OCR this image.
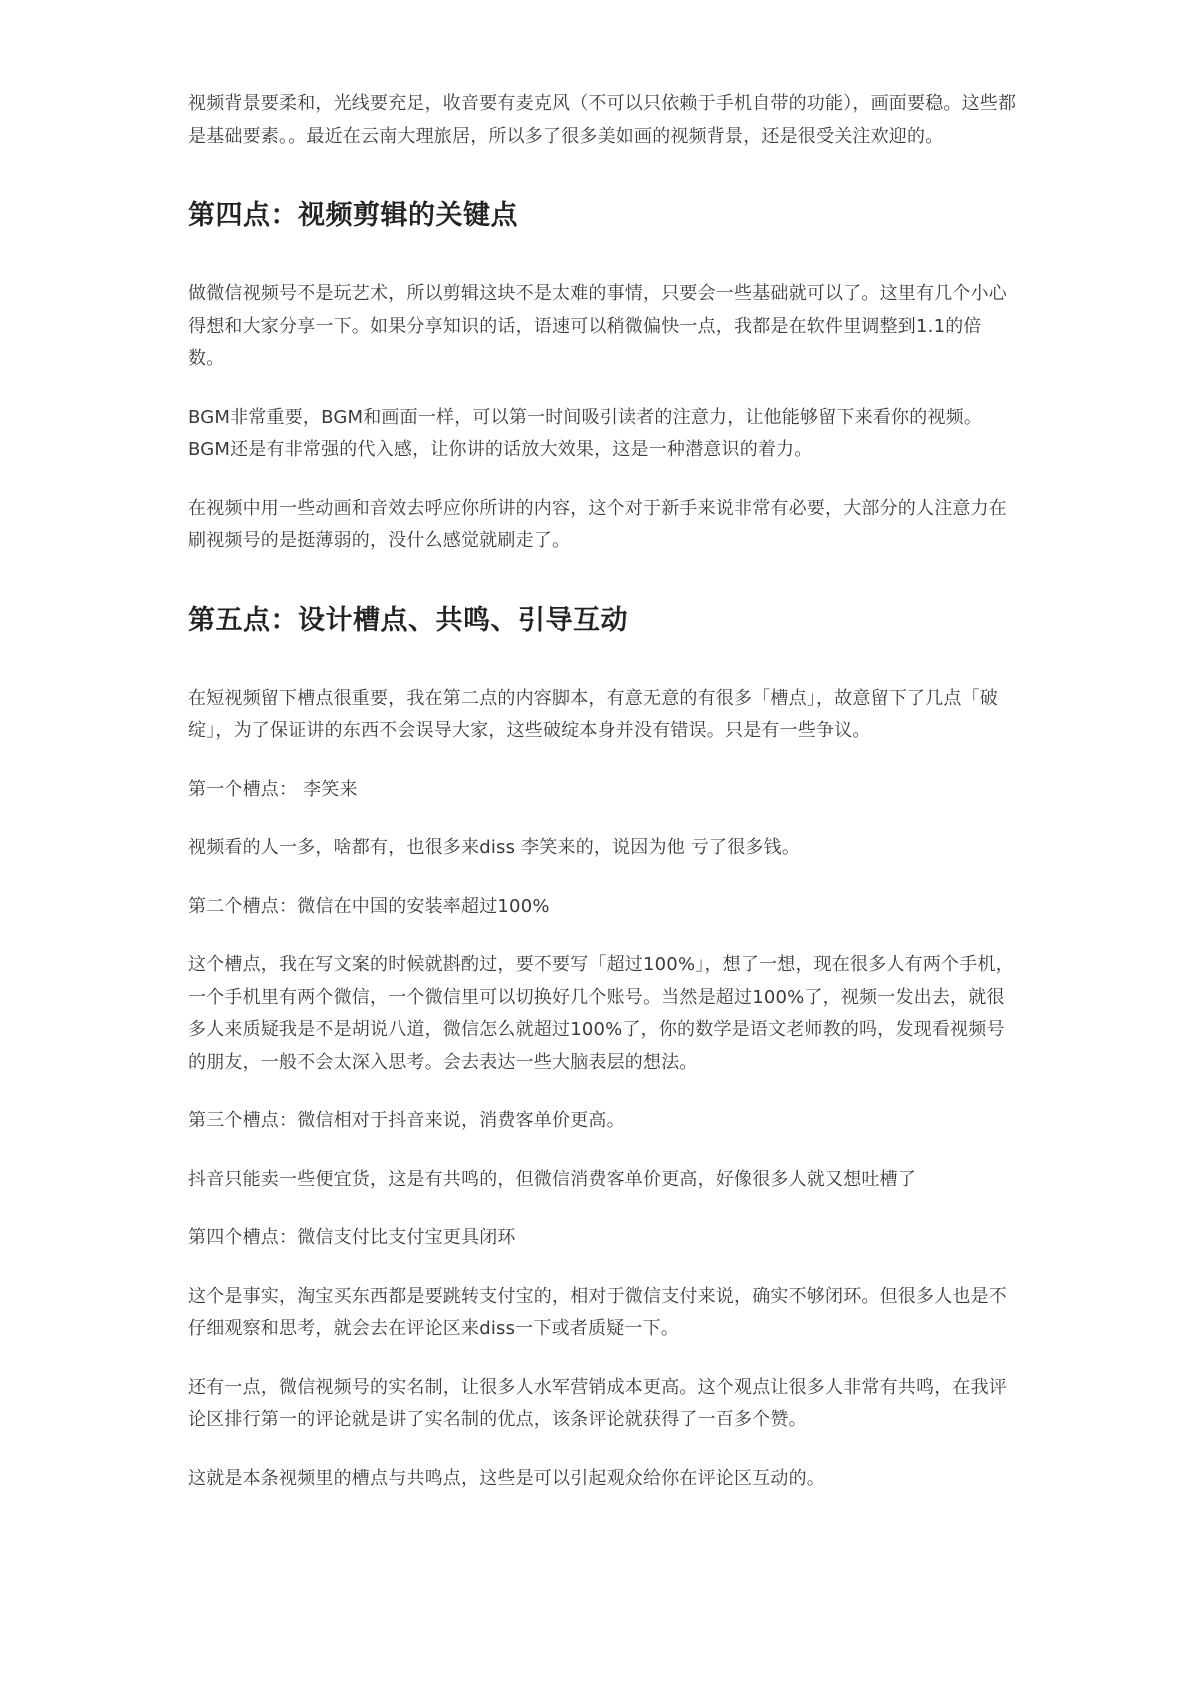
视频背景要柔和，光线要充足，收音要有麦克风（不可以只依赖于手机自带的功能），画面要稳。这些都是基础要素。。最近在云南大理旅居，所以多了很多美如画的视频背景，还是很受关注欢迎的。

第四点：视频剪辑的关键点

做微信视频号不是玩艺术，所以剪辑这块不是太难的事情，只要会一些基础就可以了。这里有几个小心得想和大家分享一下。如果分享知识的话，语速可以稍微偏快一点，我都是在软件里调整到1.1的倍数。

BGM非常重要，BGM和画面一样，可以第一时间吸引读者的注意力，让他能够留下来看你的视频。BGM还是有非常强的代入感，让你讲的话放大效果，这是一种潜意识的着力。

在视频中用一些动画和音效去呼应你所讲的内容，这个对于新手来说非常有必要，大部分的人注意力在刷视频号的是挺薄弱的，没什么感觉就刷走了。

第五点：设计槽点、共鸣、引导互动

在短视频留下槽点很重要，我在第二点的内容脚本，有意无意的有很多「槽点」，故意留下了几点「破绽」，为了保证讲的东西不会误导大家，这些破绽本身并没有错误。只是有一些争议。

第一个槽点： 李笑来

视频看的人一多，啥都有，也很多来diss 李笑来的，说因为他 亏了很多钱。

第二个槽点：微信在中国的安装率超过100%

这个槽点，我在写文案的时候就斟酌过，要不要写「超过100%」，想了一想，现在很多人有两个手机，一个手机里有两个微信，一个微信里可以切换好几个账号。当然是超过100%了，视频一发出去，就很多人来质疑我是不是胡说八道，微信怎么就超过100%了，你的数学是语文老师教的吗，发现看视频号的朋友，一般不会太深入思考。会去表达一些大脑表层的想法。

第三个槽点：微信相对于抖音来说，消费客单价更高。

抖音只能卖一些便宜货，这是有共鸣的，但微信消费客单价更高，好像很多人就又想吐槽了

第四个槽点：微信支付比支付宝更具闭环

这个是事实，淘宝买东西都是要跳转支付宝的，相对于微信支付来说，确实不够闭环。但很多人也是不仔细观察和思考，就会去在评论区来diss一下或者质疑一下。

还有一点，微信视频号的实名制，让很多人水军营销成本更高。这个观点让很多人非常有共鸣，在我评论区排行第一的评论就是讲了实名制的优点，该条评论就获得了一百多个赞。

这就是本条视频里的槽点与共鸣点，这些是可以引起观众给你在评论区互动的。
